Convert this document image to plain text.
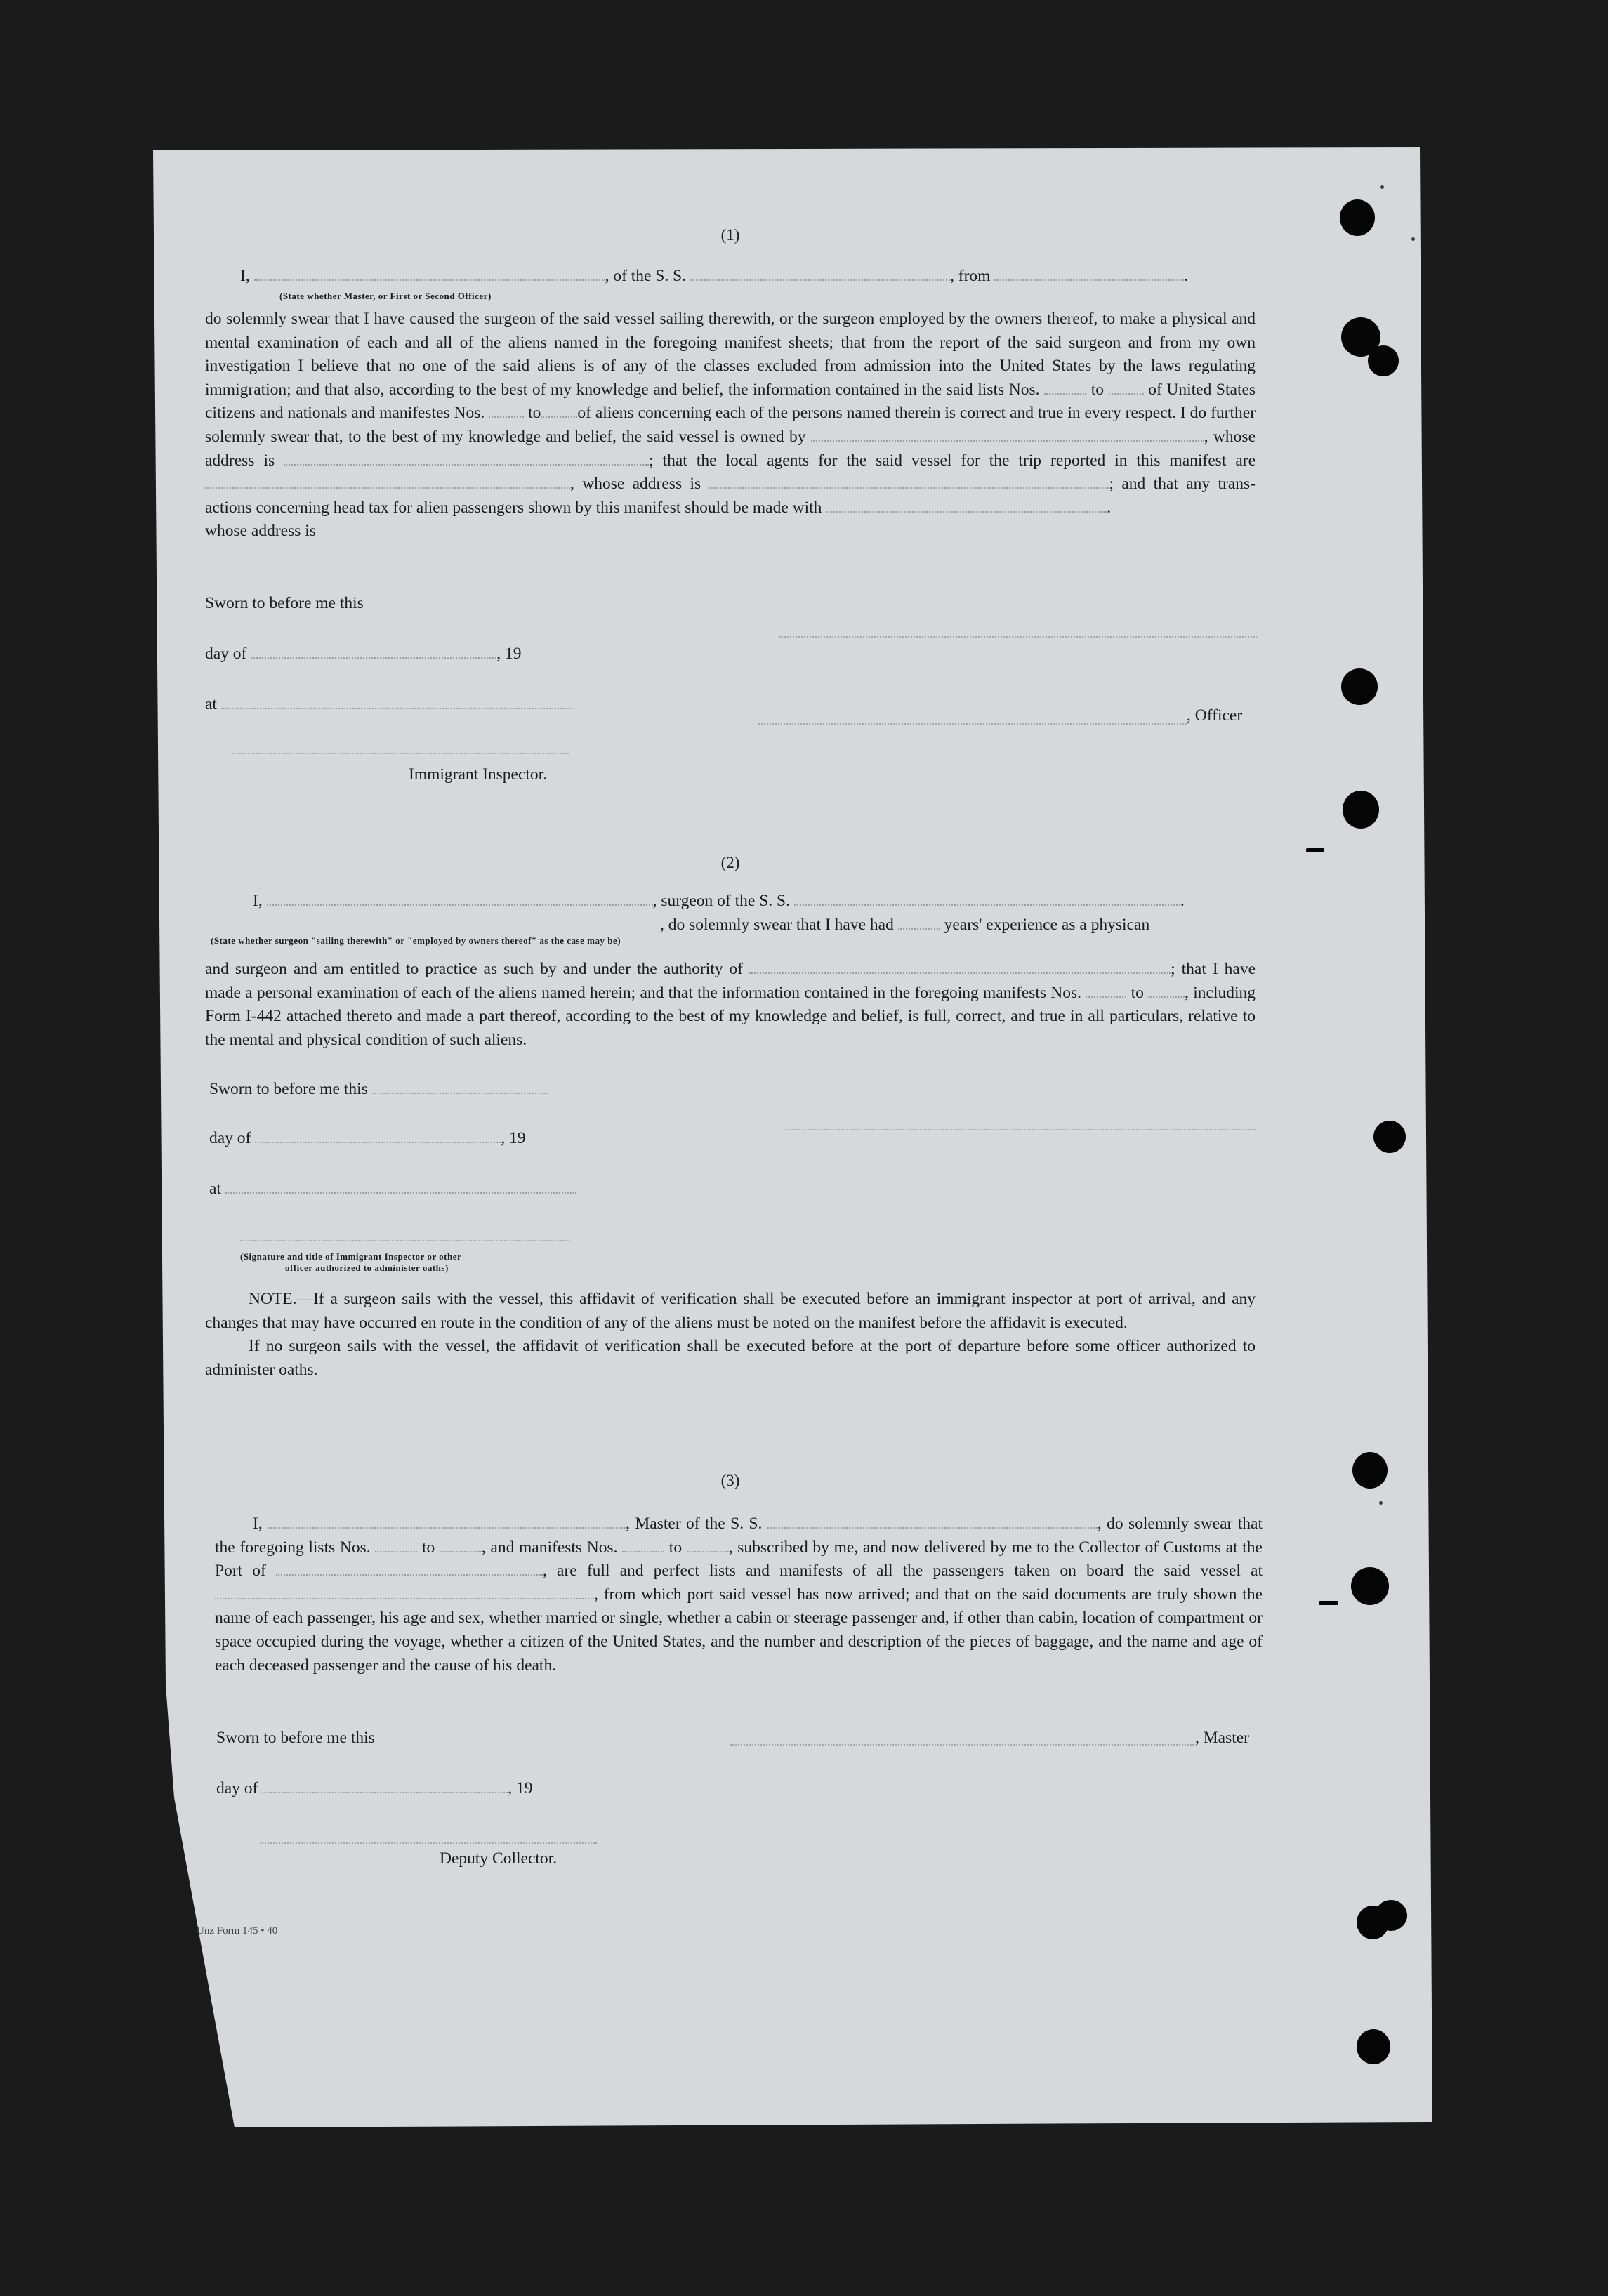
(1)
I,	, of the S. S.	, from	.
(State whether Master, or First or Second Officer)

do solemnly swear that I have caused the surgeon of the said vessel sailing therewith, or the surgeon employed by the owners thereof, to make a physical and mental examination of each and all of the aliens named in the foregoing manifest sheets; that from the report of the said surgeon and from my own investigation I believe that no one of the said aliens is of any of the classes excluded from admission into the United States by the laws regulating immigration; and that also, according to the best of my knowledge and belief, the information contained in the said lists Nos.	to	of United States citizens and nationals and manifestes Nos.	to of aliens concerning each of the persons named therein is correct and true in every respect. I do further solemnly swear that, to the best of my knowledge and belief, the said vessel is owned by	, whose address is	; that the local agents for the said vessel for the trip reported in this manifest are , whose address is	; and that any trans-actions concerning head tax for alien passengers shown by this manifest should be made with	.
whose address is

Sworn to before me this
day of	, 19
at
, Officer
Immigrant Inspector.
(2)
I,	, surgeon of the S. S.	.
, do solemnly swear that I have had	years' experience as a physican
(State whether surgeon "sailing therewith" or "employed by owners thereof" as the case may be)

and surgeon and am entitled to practice as such by and under the authority of	; that I have made a personal examination of each of the aliens named herein; and that the information contained in the foregoing manifests Nos.	to , including Form I-442 attached thereto and made a part thereof, according to the best of my knowledge and belief, is full, correct, and true in all particulars, relative to the mental and physical condition of such aliens.

Sworn to before me this
day of	, 19
at
(Signature and title of Immigrant Inspector or other
officer authorized to administer oaths)

NOTE.—If a surgeon sails with the vessel, this affidavit of verification shall be executed before an immigrant inspector at port of arrival, and any changes that may have occurred en route in the condition of any of the aliens must be noted on the manifest before the affidavit is executed.

If no surgeon sails with the vessel, the affidavit of verification shall be executed before at the port of departure before some officer authorized to administer oaths.

(3)

I,	, Master of the S. S.	, do solemnly swear that the foregoing lists Nos.	to	, and manifests Nos.	to	, subscribed by me, and now delivered by me to the Collector of Customs at the Port of	, are full and perfect lists and manifests of all the passengers taken on board the said vessel at , from which port said vessel has now arrived; and that on the said documents are truly shown the name of each passenger, his age and sex, whether married or single, whether a cabin or steerage passenger and, if other than cabin, location of compartment or space occupied during the voyage, whether a citizen of the United States, and the number and description of the pieces of baggage, and the name and age of each deceased passenger and the cause of his death.

Sworn to before me this	, Master
day of	, 19
Deputy Collector.
Unz Form 145 • 40
